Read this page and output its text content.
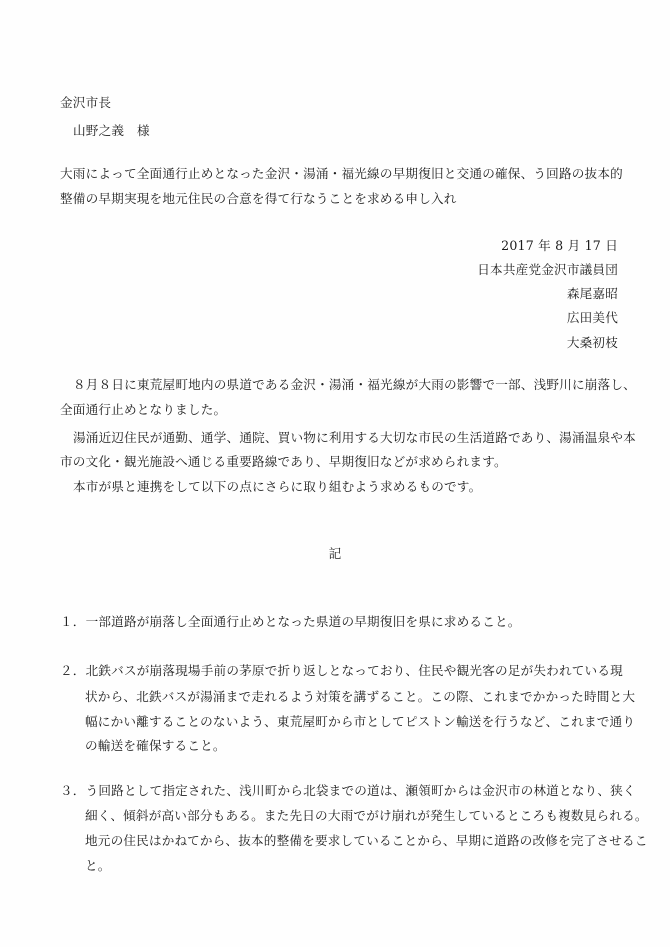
金沢市長
山野之義　様
大雨によって全面通行止めとなった金沢・湯涌・福光線の早期復旧と交通の確保、う回路の抜本的
整備の早期実現を地元住民の合意を得て行なうことを求める申し入れ
2017 年 8 月 17 日
日本共産党金沢市議員団
森尾嘉昭
広田美代
大桑初枝
８月８日に東荒屋町地内の県道である金沢・湯涌・福光線が大雨の影響で一部、浅野川に崩落し、
全面通行止めとなりました。
湯涌近辺住民が通勤、通学、通院、買い物に利用する大切な市民の生活道路であり、湯涌温泉や本
市の文化・観光施設へ通じる重要路線であり、早期復旧などが求められます。
本市が県と連携をして以下の点にさらに取り組むよう求めるものです。
記
１．一部道路が崩落し全面通行止めとなった県道の早期復旧を県に求めること。
２．北鉄バスが崩落現場手前の茅原で折り返しとなっており、住民や観光客の足が失われている現
状から、北鉄バスが湯涌まで走れるよう対策を講ずること。この際、これまでかかった時間と大
幅にかい離することのないよう、東荒屋町から市としてピストン輸送を行うなど、これまで通り
の輸送を確保すること。
３．う回路として指定された、浅川町から北袋までの道は、瀬領町からは金沢市の林道となり、狭く
細く、傾斜が高い部分もある。また先日の大雨でがけ崩れが発生しているところも複数見られる。
地元の住民はかねてから、抜本的整備を要求していることから、早期に道路の改修を完了させるこ
と。
